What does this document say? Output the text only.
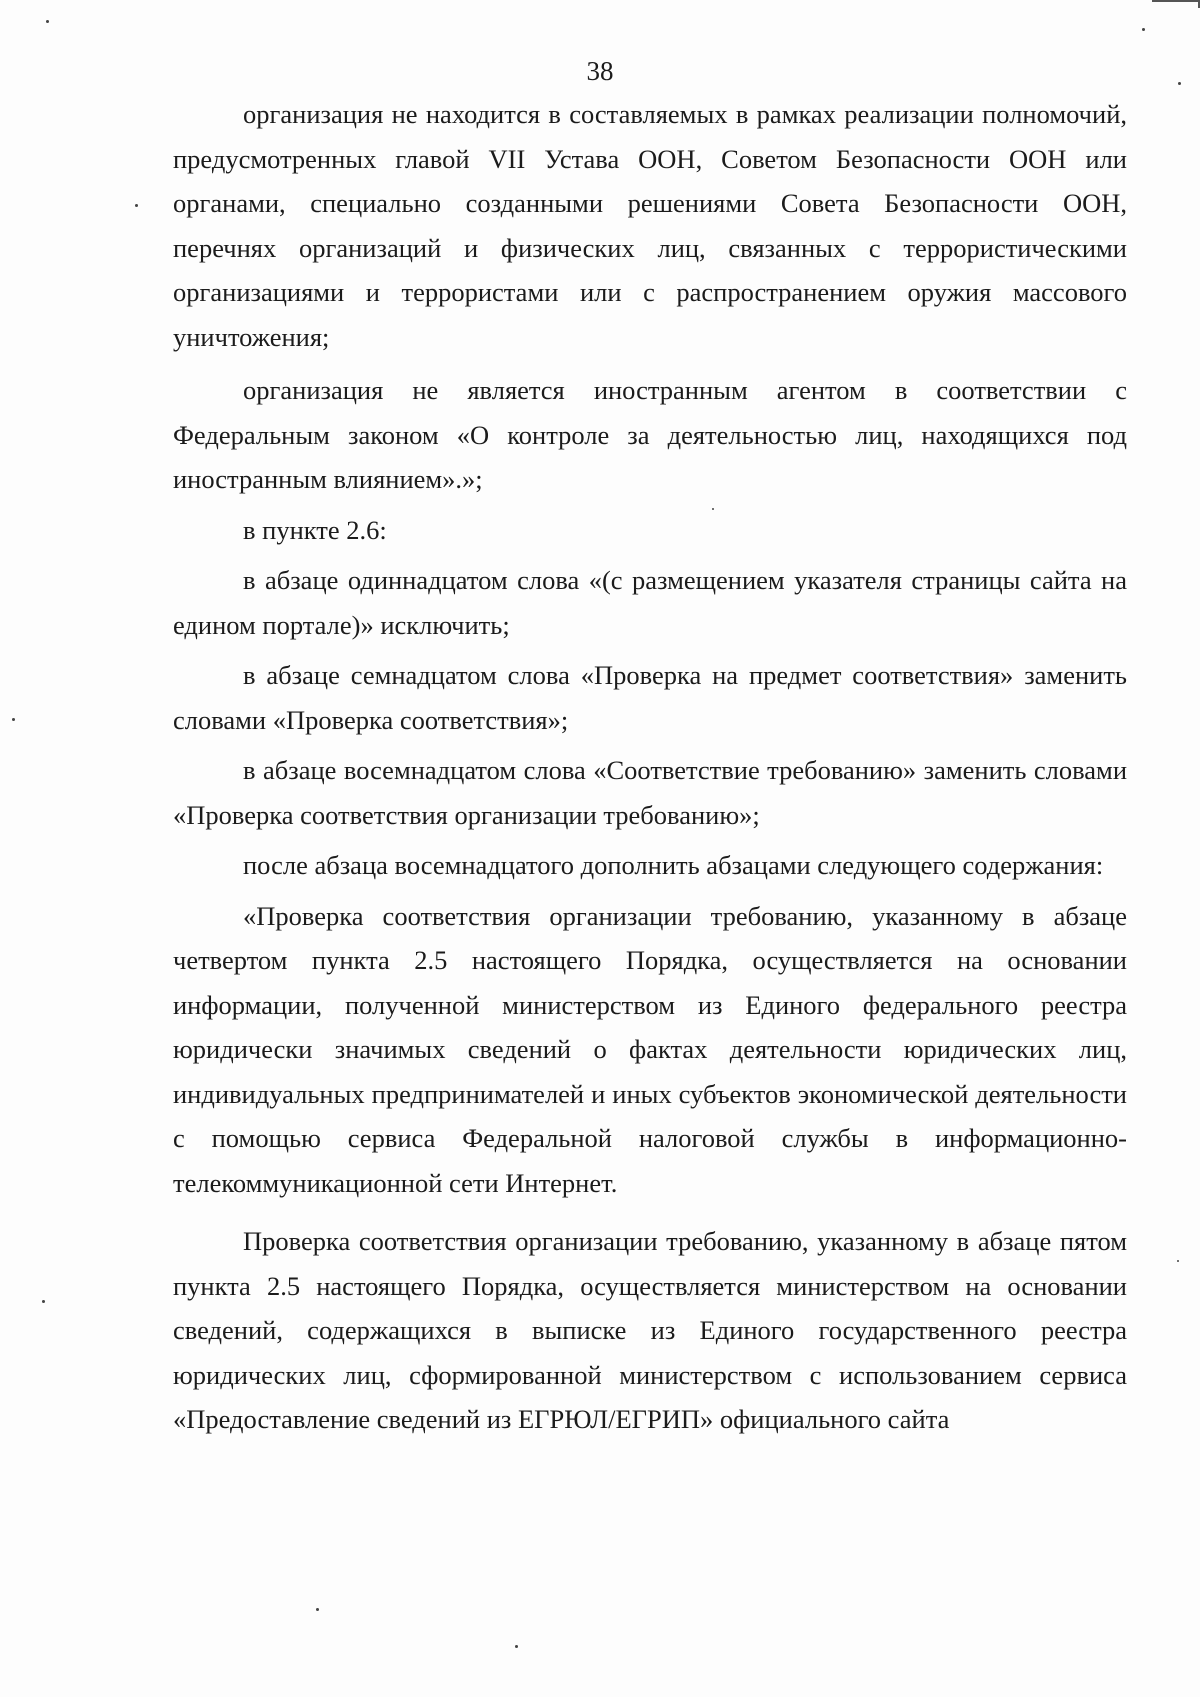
38

организация не находится в составляемых в рамках реализации полномочий, предусмотренных главой VII Устава ООН, Советом Безопасности ООН или органами, специально созданными решениями Совета Безопасности ООН, перечнях организаций и физических лиц, связанных с террористическими организациями и террористами или с распространением оружия массового уничтожения;

организация не является иностранным агентом в соответствии с Федеральным законом «О контроле за деятельностью лиц, находящихся под иностранным влиянием».»;

в пункте 2.6:

в абзаце одиннадцатом слова «(с размещением указателя страницы сайта на едином портале)» исключить;

в абзаце семнадцатом слова «Проверка на предмет соответствия» заменить словами «Проверка соответствия»;

в абзаце восемнадцатом слова «Соответствие требованию» заменить словами «Проверка соответствия организации требованию»;

после абзаца восемнадцатого дополнить абзацами следующего содержания:

«Проверка соответствия организации требованию, указанному в абзаце четвертом пункта 2.5 настоящего Порядка, осуществляется на основании информации, полученной министерством из Единого федерального реестра юридически значимых сведений о фактах деятельности юридических лиц, индивидуальных предпринимателей и иных субъектов экономической деятельности с помощью сервиса Федеральной налоговой службы в информационно-телекоммуникационной сети Интернет.

Проверка соответствия организации требованию, указанному в абзаце пятом пункта 2.5 настоящего Порядка, осуществляется министерством на основании сведений, содержащихся в выписке из Единого государственного реестра юридических лиц, сформированной министерством с использованием сервиса «Предоставление сведений из ЕГРЮЛ/ЕГРИП» официального сайта
